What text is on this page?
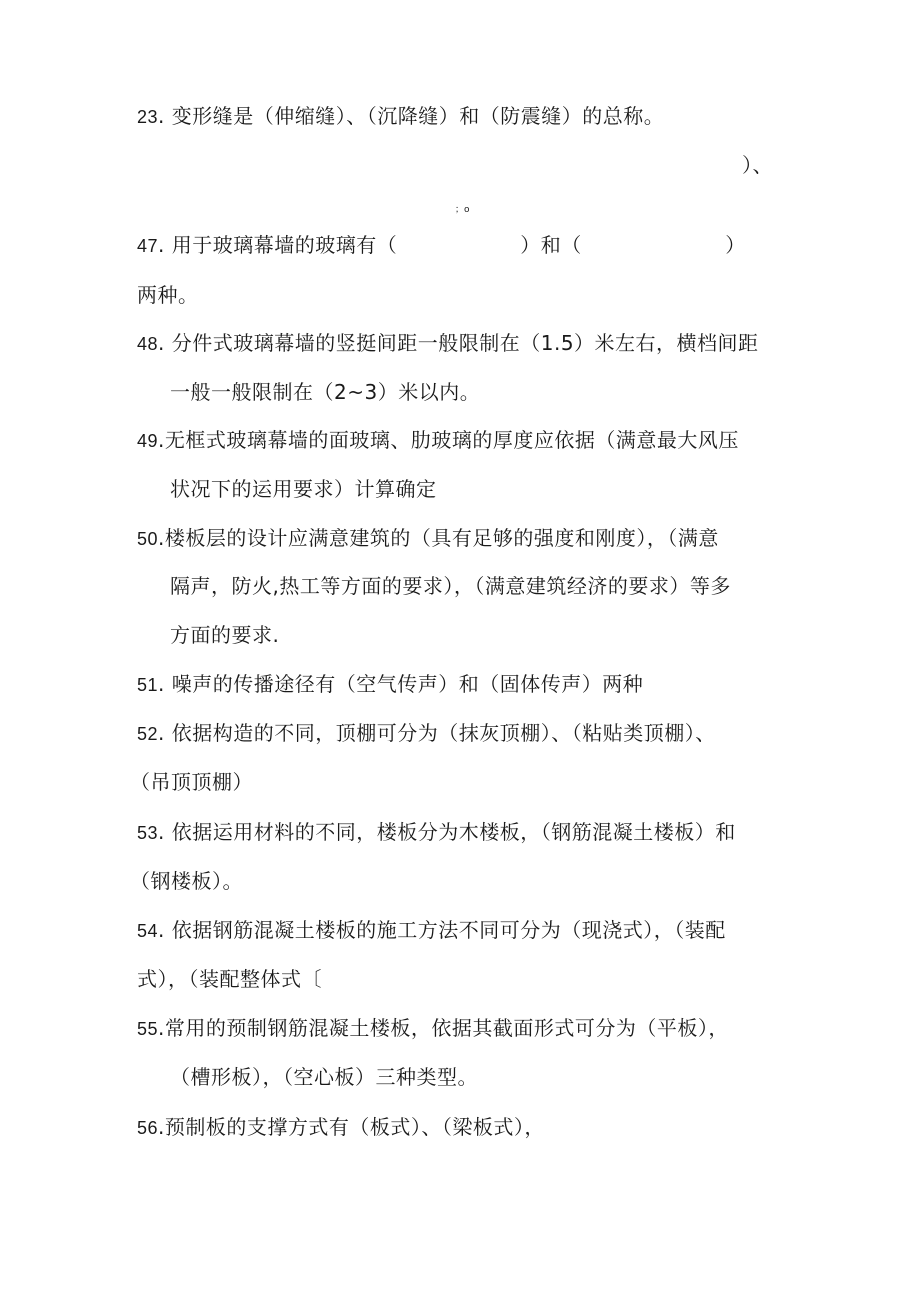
23. 变形缝是（伸缩缝）、（沉降缝）和（防震缝）的总称。
）、
；o
47. 用于玻璃幕墙的玻璃有（　　　　　　）和（　　　　　　　）
两种。
48. 分件式玻璃幕墙的竖挺间距一般限制在（1.5）米左右，横档间距
一般一般限制在（2~3）米以内。
49.无框式玻璃幕墙的面玻璃、肋玻璃的厚度应依据（满意最大风压
状况下的运用要求）计算确定
50.楼板层的设计应满意建筑的（具有足够的强度和刚度），（满意
隔声，防火,热工等方面的要求），（满意建筑经济的要求）等多
方面的要求.
51. 噪声的传播途径有（空气传声）和（固体传声）两种
52. 依据构造的不同，顶棚可分为（抹灰顶棚）、（粘贴类顶棚）、
（吊顶顶棚）
53. 依据运用材料的不同，楼板分为木楼板，（钢筋混凝土楼板）和
（钢楼板）。
54. 依据钢筋混凝土楼板的施工方法不同可分为（现浇式），（装配
式），（装配整体式〔
55.常用的预制钢筋混凝土楼板，依据其截面形式可分为（平板），
（槽形板），（空心板）三种类型。
56.预制板的支撑方式有（板式）、（梁板式），
